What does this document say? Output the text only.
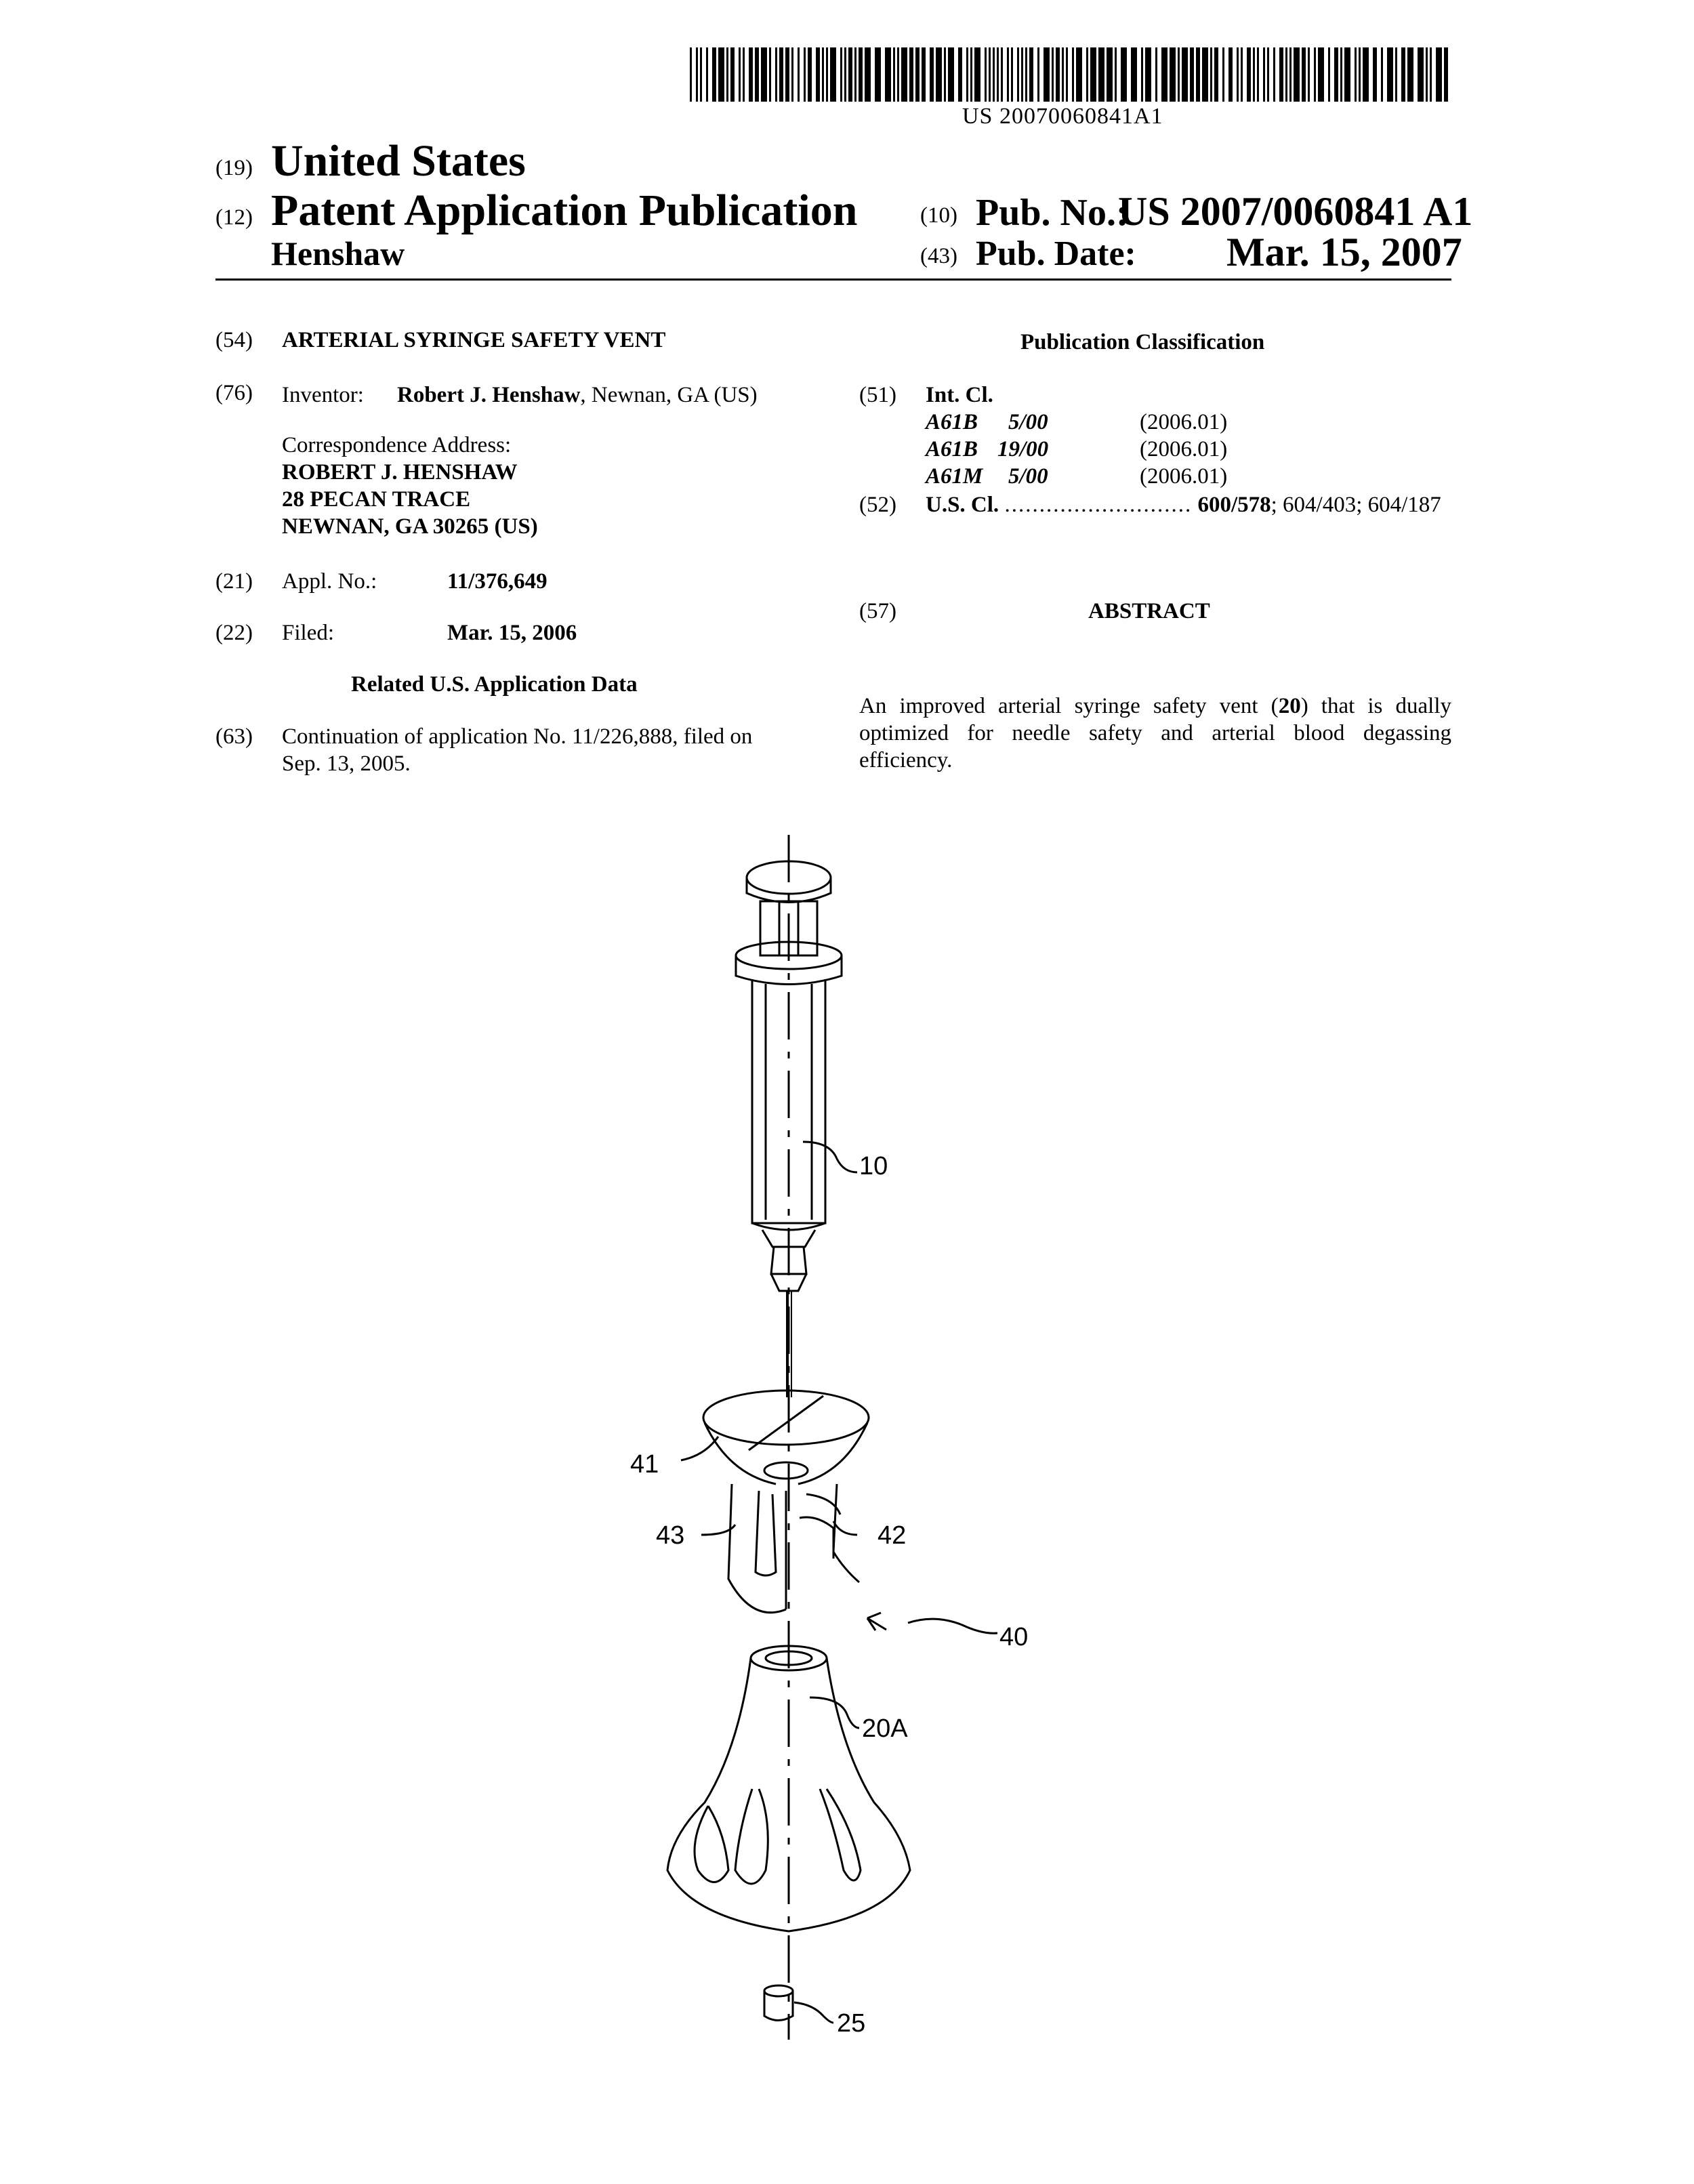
US 20070060841A1
(19) United States
(12) Patent Application Publication
Henshaw
(10) Pub. No.:
US 2007/0060841 A1
(43) Pub. Date: Mar. 15, 2007
(54) ARTERIAL SYRINGE SAFETY VENT
(76) Inventor: Robert J. Henshaw, Newnan, GA (US)
Correspondence Address:
ROBERT J. HENSHAW
28 PECAN TRACE
NEWNAN, GA 30265 (US)
(21) Appl. No.:	11/376,649
(22) Filed:	Mar. 15, 2006
Related U.S. Application Data
(63) Continuation of application No. 11/226,888, filed on
Sep. 13, 2005.
Publication Classification
(51) Int. Cl.
A61B 5/00	(2006.01)
A61B 19/00	(2006.01)
A61M 5/00	(2006.01)
(52) U.S. Cl. ........................... 600/578; 604/403; 604/187
(57)	ABSTRACT
An improved arterial syringe safety vent (20) that is dually
optimized for needle safety and arterial blood degassing
efficiency.
10
41
43	42
40
20A
25
